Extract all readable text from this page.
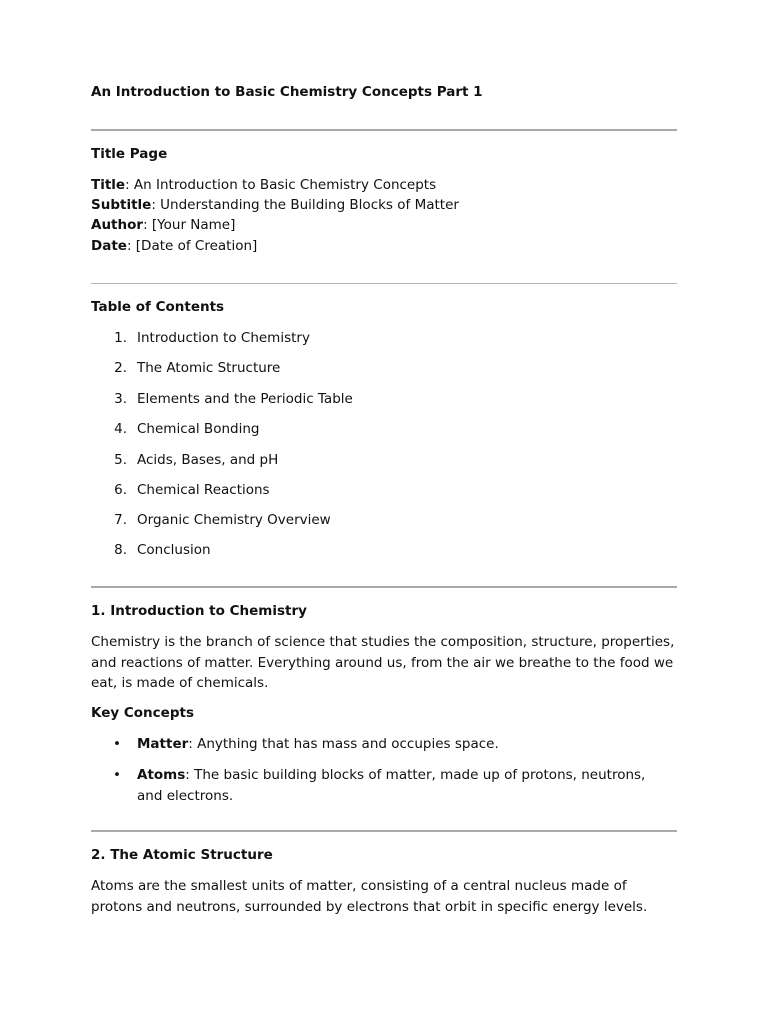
An Introduction to Basic Chemistry Concepts Part 1
Title Page
Title: An Introduction to Basic Chemistry Concepts
Subtitle: Understanding the Building Blocks of Matter
Author: [Your Name]
Date: [Date of Creation]
Table of Contents
1. Introduction to Chemistry
2. The Atomic Structure
3. Elements and the Periodic Table
4. Chemical Bonding
5. Acids, Bases, and pH
6. Chemical Reactions
7. Organic Chemistry Overview
8. Conclusion
1. Introduction to Chemistry
Chemistry is the branch of science that studies the composition, structure, properties, and reactions of matter. Everything around us, from the air we breathe to the food we eat, is made of chemicals.
Key Concepts
• Matter: Anything that has mass and occupies space.
• Atoms: The basic building blocks of matter, made up of protons, neutrons, and electrons.
2. The Atomic Structure
Atoms are the smallest units of matter, consisting of a central nucleus made of protons and neutrons, surrounded by electrons that orbit in specific energy levels.
